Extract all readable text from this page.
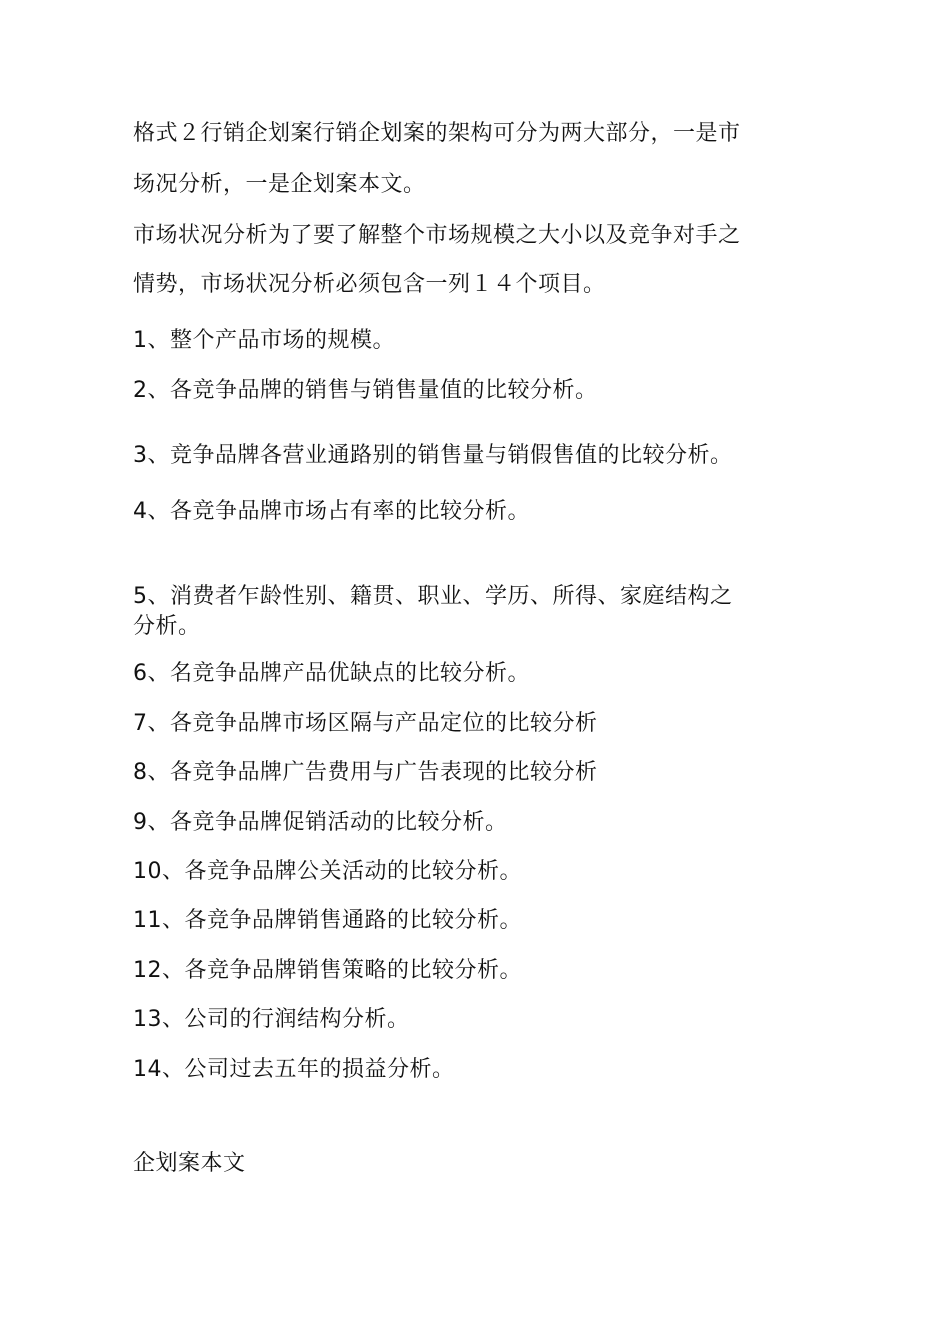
格式２行销企划案行销企划案的架构可分为两大部分，一是市
场况分析，一是企划案本文。
市场状况分析为了要了解整个市场规模之大小以及竞争对手之
情势，市场状况分析必须包含一列１４个项目。
1、整个产品市场的规模。
2、各竞争品牌的销售与销售量值的比较分析。
3、竞争品牌各营业通路别的销售量与销假售值的比较分析。
4、各竞争品牌市场占有率的比较分析。
5、消费者乍龄性别、籍贯、职业、学历、所得、家庭结构之
分析。
6、名竞争品牌产品优缺点的比较分析。
7、各竞争品牌市场区隔与产品定位的比较分析
8、各竞争品牌广告费用与广告表现的比较分析
9、各竞争品牌促销活动的比较分析。
10、各竞争品牌公关活动的比较分析。
11、各竞争品牌销售通路的比较分析。
12、各竞争品牌销售策略的比较分析。
13、公司的行润结构分析。
14、公司过去五年的损益分析。
企划案本文
